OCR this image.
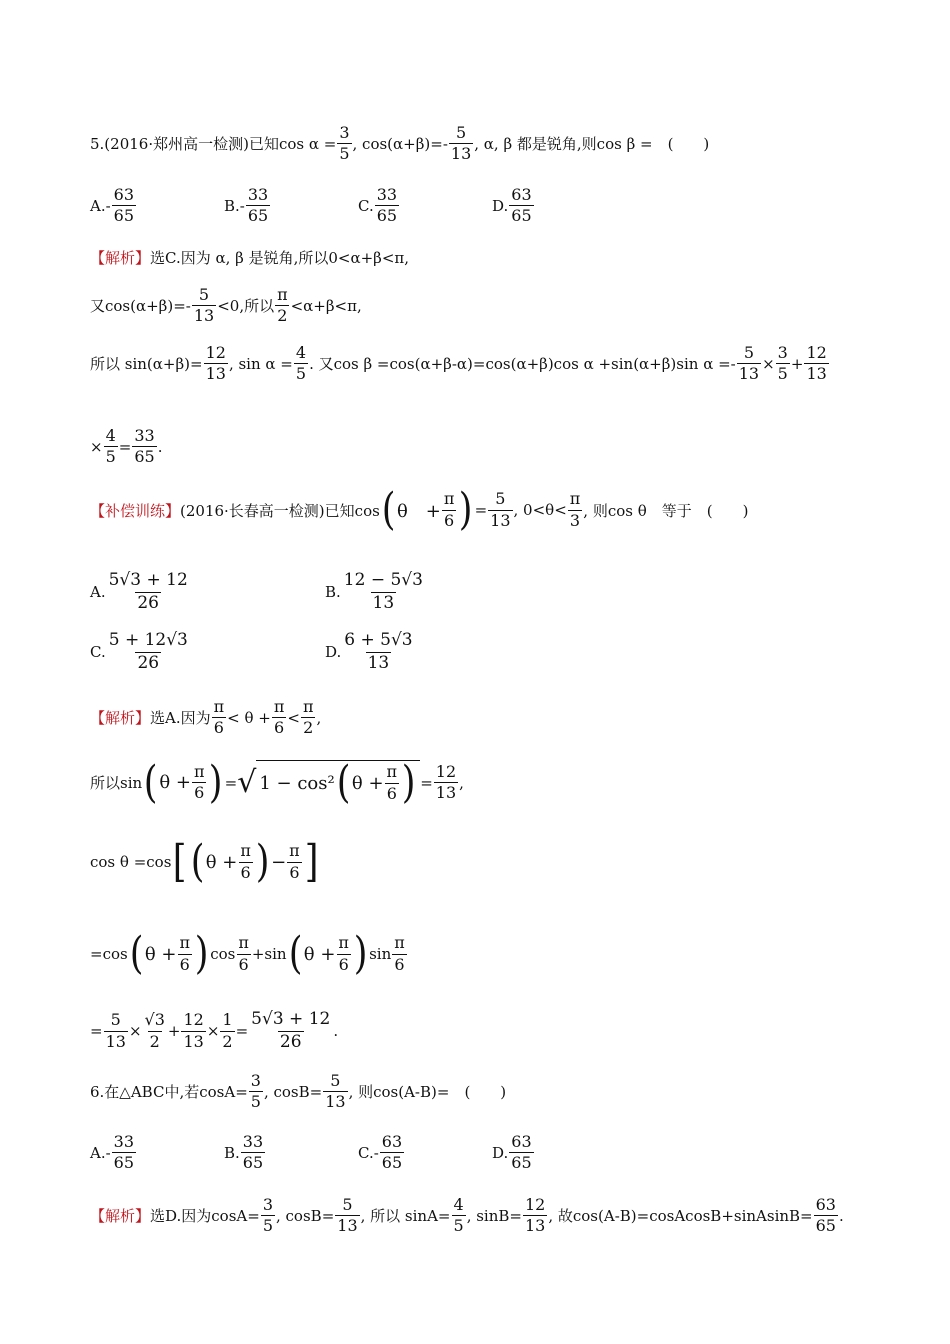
5.(2016·郑州高一检测)已知$\cos \alpha = \frac{3}{5}$ , cos(α+β)=-
5
13 , α, β 都是锐角,则cos β =　(　　)
A.-
63
65
B.-
33
65
C.
33
65
D.
63
65
【解析】 选C.因为 α, β 是锐角,所以0<α+β<π,
又cos(α+β)=-
5
13 <0,所以
π
2
<α+β<π,
所以 $\sin(\alpha+\beta)= \frac{12}{13}$ , $\sin \alpha = \frac{4}{5}$ . 又cos β =cos(α+β-α)=cos(α+β)cos α +sin(α+β)sin $\alpha =- \frac{5}{13} \times \frac{3}{5} + \frac{12}{13}$
× $\frac{4}{5} = \frac{33}{65}$ .
【补偿训练】 (2016·长春高一检测)已知cos ( θ　+ $\frac{\pi}{6}$ ) = $\frac{5}{13}$ , 0<θ<
π
3 , 则cos θ　等于　(　　)
A.
5√3 + 12
26
B.
12 − 5√3
13
C.
5 + 12√3
26
D.
6 + 5√3
13
【解析】 选A.因为
π
6
< $\theta + \frac{\pi}{6}$ <
π
2
,
所以sin ( $\theta + \frac{\pi}{6}$ ) = √ 1 − cos² ( $\theta + \frac{\pi}{6}$ ) = $\frac{12}{13}$ ,
cos θ =cos [ ( $\theta + \frac{\pi}{6}$ ) − $\frac{\pi}{6}$ ]
=cos ( $\theta + \frac{\pi}{6}$ ) cos
π
6
+sin ( $\theta + \frac{\pi}{6}$ ) sin
π
6
= $\frac{5}{13} \times \frac{√3}{2} + \frac{12}{13} \times \frac{1}{2} = \frac{5√3 + 12}{26}$ .
6.在△ABC中,若$\cos A= \frac{3}{5}$ , $\cos B= \frac{5}{13}$ , 则cos(A-B)=　(　　)
A.-
33
65
B.
33
65
C.-
63
65
D.
63
65
【解析】 选D.因为$\cos A= \frac{3}{5}$ , $\cos B= \frac{5}{13}$ , 所以 $\sin A= \frac{4}{5}$ , $\sin B= \frac{12}{13}$ , 故cos(A-B)=cosAcosB+sinAsinB= $\frac{63}{65}$ .
